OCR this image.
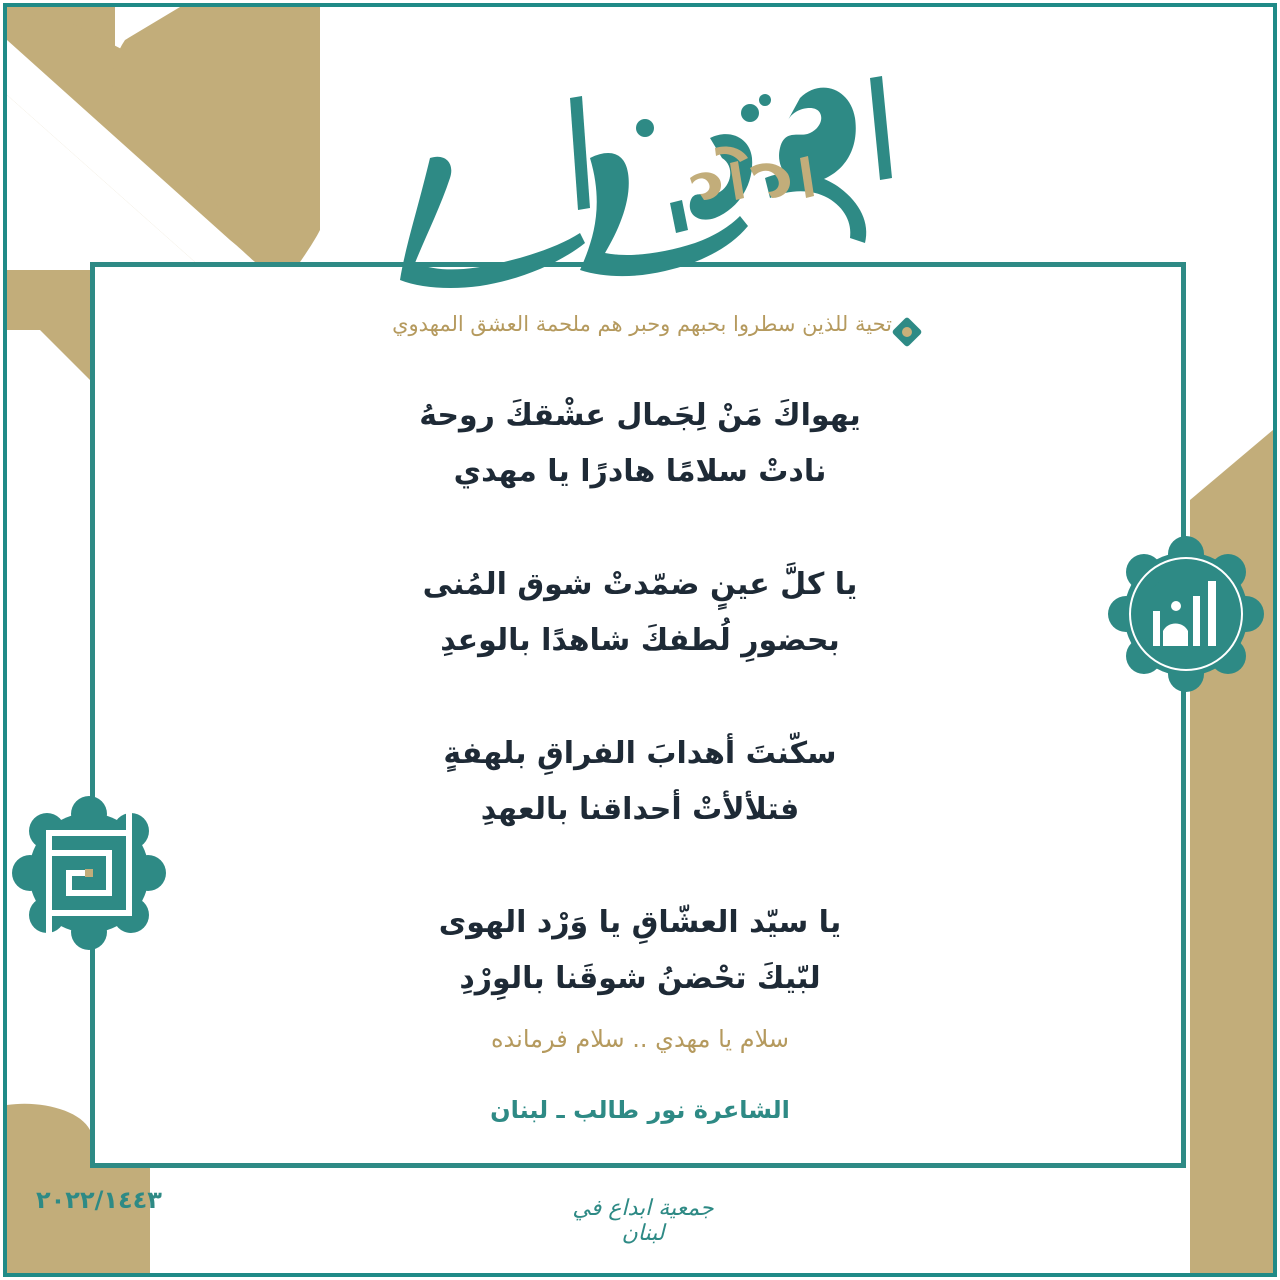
تحية للذين سطروا بحبهم وحبر هم ملحمة العشق المهدوي
يهواكَ مَنْ لِجَمال عشْقكَ روحهُ
نادتْ سلامًا هادرًا يا مهدي
يا كلَّ عينٍ ضمّدتْ شوق المُنى
بحضورِ لُطفكَ شاهدًا بالوعدِ
سكّنتَ أهدابَ الفراقِ بلهفةٍ
فتلألأتْ أحداقنا بالعهدِ
يا سيّد العشّاقِ يا وَرْد الهوى
لبّيكَ تحْضنُ شوقَنا بالوِرْدِ
سلام يا مهدي .. سلام فرمانده
الشاعرة نور طالب ـ لبنان
٢٠٢٢/١٤٤٣	جمعية ابداع في لبنان
